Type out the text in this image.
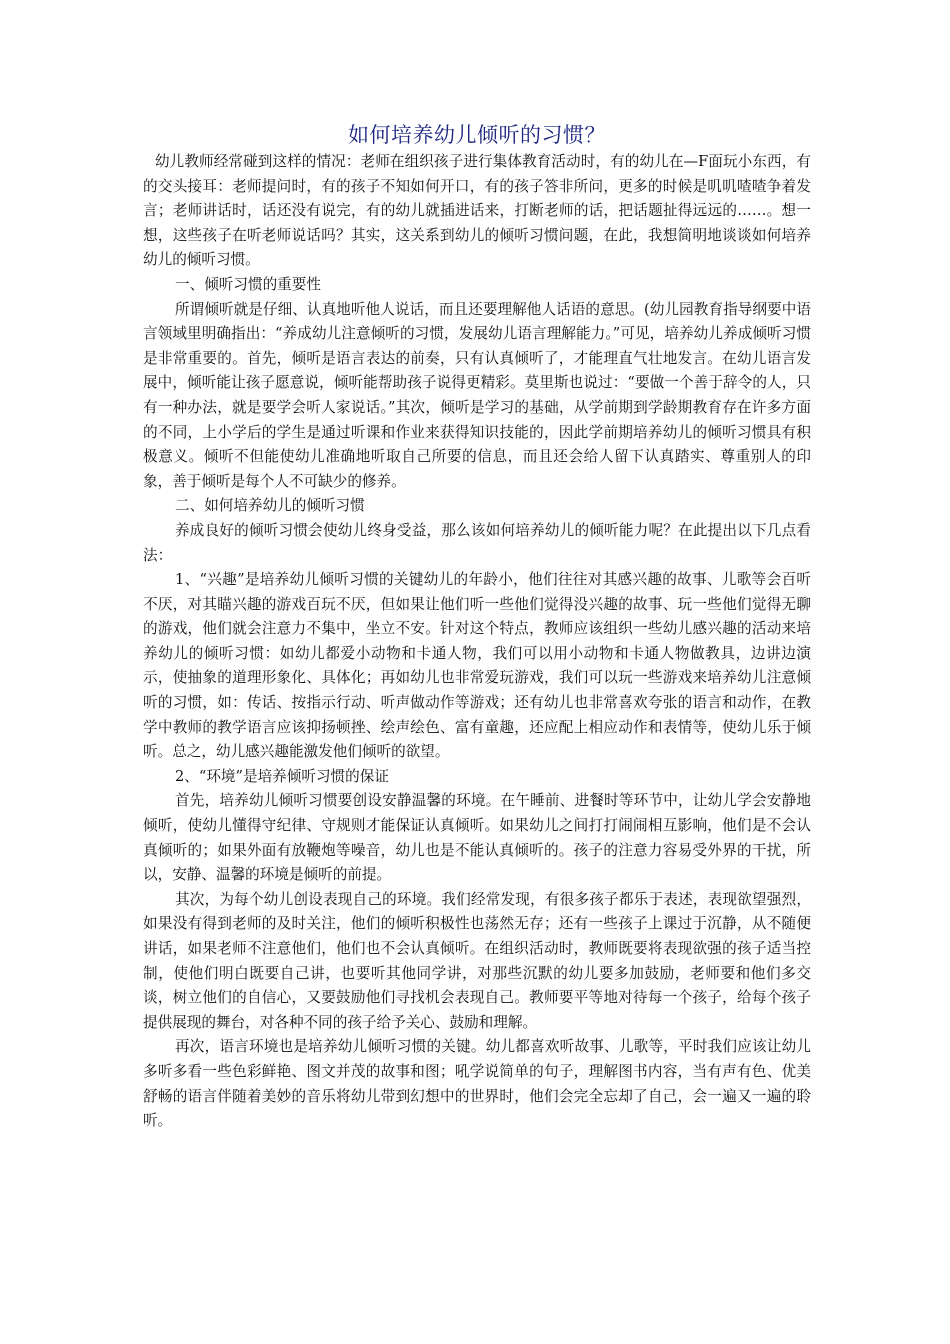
如何培养幼儿倾听的习惯？

幼儿教师经常碰到这样的情况：老师在组织孩子进行集体教育活动时，有的幼儿在—F面玩小东西，有的交头接耳：老师提问时，有的孩子不知如何开口，有的孩子答非所问，更多的时候是叽叽喳喳争着发言；老师讲话时，话还没有说完，有的幼儿就插进话来，打断老师的话，把话题扯得远远的……。想一想，这些孩子在听老师说话吗？其实，这关系到幼儿的倾听习惯问题，在此，我想简明地谈谈如何培养幼儿的倾听习惯。

一、倾听习惯的重要性

所谓倾听就是仔细、认真地听他人说话，而且还要理解他人话语的意思。(幼儿园教育指导纲要中语言领域里明确指出：“养成幼儿注意倾听的习惯，发展幼儿语言理解能力。”可见，培养幼儿养成倾听习惯是非常重要的。首先，倾听是语言表达的前奏，只有认真倾听了，才能理直气壮地发言。在幼儿语言发展中，倾听能让孩子愿意说，倾听能帮助孩子说得更精彩。莫里斯也说过：“要做一个善于辞令的人，只有一种办法，就是要学会听人家说话。”其次，倾听是学习的基础，从学前期到学龄期教育存在许多方面的不同，上小学后的学生是通过听课和作业来获得知识技能的，因此学前期培养幼儿的倾听习惯具有积极意义。倾听不但能使幼儿准确地听取自己所要的信息，而且还会给人留下认真踏实、尊重别人的印象，善于倾听是每个人不可缺少的修养。

二、如何培养幼儿的倾听习惯

养成良好的倾听习惯会使幼儿终身受益，那么该如何培养幼儿的倾听能力呢？在此提出以下几点看法：

1、“兴趣”是培养幼儿倾听习惯的关键幼儿的年龄小，他们往往对其感兴趣的故事、儿歌等会百听不厌，对其瞄兴趣的游戏百玩不厌，但如果让他们听一些他们觉得没兴趣的故事、玩一些他们觉得无聊的游戏，他们就会注意力不集中，坐立不安。针对这个特点，教师应该组织一些幼儿感兴趣的活动来培养幼儿的倾听习惯：如幼儿都爱小动物和卡通人物，我们可以用小动物和卡通人物做教具，边讲边演示，使抽象的道理形象化、具体化；再如幼儿也非常爱玩游戏，我们可以玩一些游戏来培养幼儿注意倾听的习惯，如：传话、按指示行动、听声做动作等游戏；还有幼儿也非常喜欢夸张的语言和动作，在教学中教师的教学语言应该抑扬顿挫、绘声绘色、富有童趣，还应配上相应动作和表情等，使幼儿乐于倾听。总之，幼儿感兴趣能激发他们倾听的欲望。

2、“环境”是培养倾听习惯的保证

首先，培养幼儿倾听习惯要创设安静温馨的环境。在午睡前、进餐时等环节中，让幼儿学会安静地倾听，使幼儿懂得守纪律、守规则才能保证认真倾听。如果幼儿之间打打闹闹相互影响，他们是不会认真倾听的；如果外面有放鞭炮等噪音，幼儿也是不能认真倾听的。孩子的注意力容易受外界的干扰，所以，安静、温馨的环境是倾听的前提。

其次，为每个幼儿创设表现自己的环境。我们经常发现，有很多孩子都乐于表述，表现欲望强烈，如果没有得到老师的及时关注，他们的倾听积极性也荡然无存；还有一些孩子上课过于沉静，从不随便讲话，如果老师不注意他们，他们也不会认真倾听。在组织活动时，教师既要将表现欲强的孩子适当控制，使他们明白既要自己讲，也要听其他同学讲，对那些沉默的幼儿要多加鼓励，老师要和他们多交谈，树立他们的自信心，又要鼓励他们寻找机会表现自己。教师要平等地对待每一个孩子，给每个孩子提供展现的舞台，对各种不同的孩子给予关心、鼓励和理解。

再次，语言环境也是培养幼儿倾听习惯的关键。幼儿都喜欢听故事、儿歌等，平时我们应该让幼儿多听多看一些色彩鲜艳、图文并茂的故事和图；吼学说简单的句子，理解图书内容，当有声有色、优美舒畅的语言伴随着美妙的音乐将幼儿带到幻想中的世界时，他们会完全忘却了自己，会一遍又一遍的聆听。
